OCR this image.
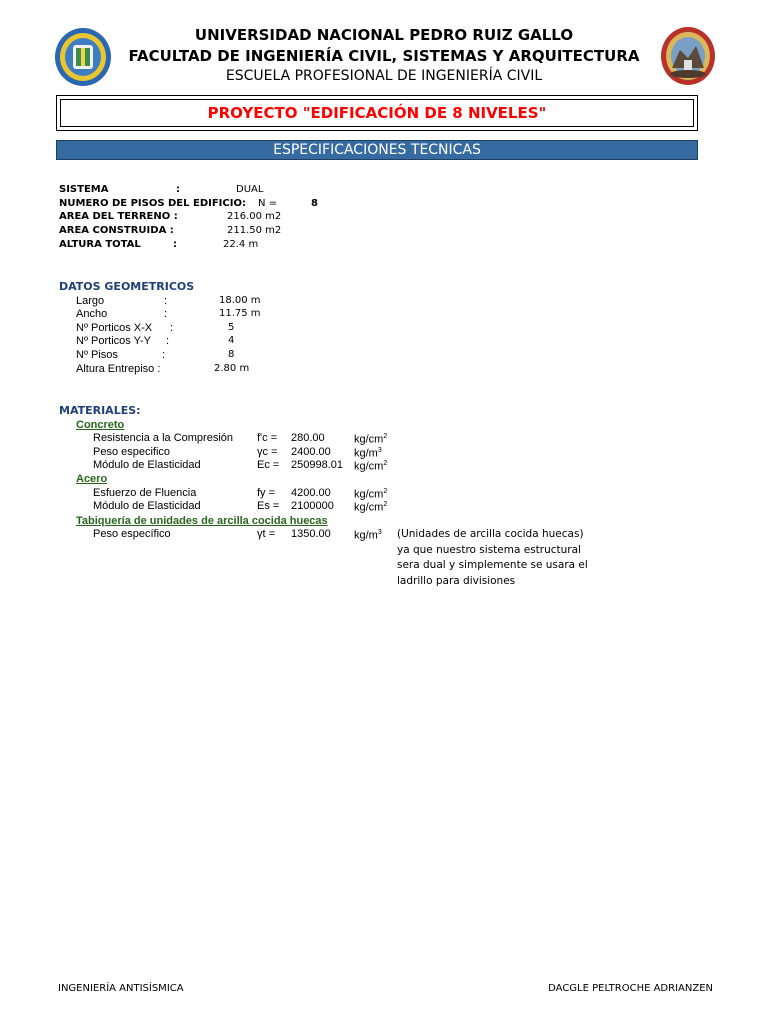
UNIVERSIDAD NACIONAL PEDRO RUIZ GALLO
FACULTAD DE INGENIERÍA CIVIL, SISTEMAS Y ARQUITECTURA
ESCUELA PROFESIONAL DE INGENIERÍA CIVIL
PROYECTO "EDIFICACIÓN DE 8 NIVELES"
ESPECIFICACIONES TECNICAS
SISTEMA	:	DUAL
NUMERO DE PISOS DEL EDIFICIO: N =	8
AREA DEL TERRENO :	216.00 m2
AREA CONSTRUIDA :	211.50 m2
ALTURA TOTAL	:	22.4 m
DATOS GEOMETRICOS
Largo	:	18.00 m
Ancho	:	11.75 m
Nº Porticos X-X :	5
Nº Porticos Y-Y :	4
Nº Pisos	:	8
Altura Entrepiso :	2.80 m
MATERIALES:
Concreto
Resistencia a la Compresión f'c = 280.00	$kg/cm^2$
Peso especifico	γc = 2400.00 $kg/m^3$
Módulo de Elasticidad	Ec = 250998.01 $kg/cm^2$
Acero
Esfuerzo de Fluencia	fy = 4200.00 $kg/cm^2$
Módulo de Elasticidad	Es = 2100000 $kg/cm^2$
Tabiquería de unidades de arcilla cocida huecas
Peso específico	γt = 1350.00 $kg/m^3$ (Unidades de arcilla cocida huecas)
ya que nuestro sistema estructural
sera dual y simplemente se usara el
ladrillo para divisiones
INGENIERÍA ANTISÍSMICA	DACGLE PELTROCHE ADRIANZEN
